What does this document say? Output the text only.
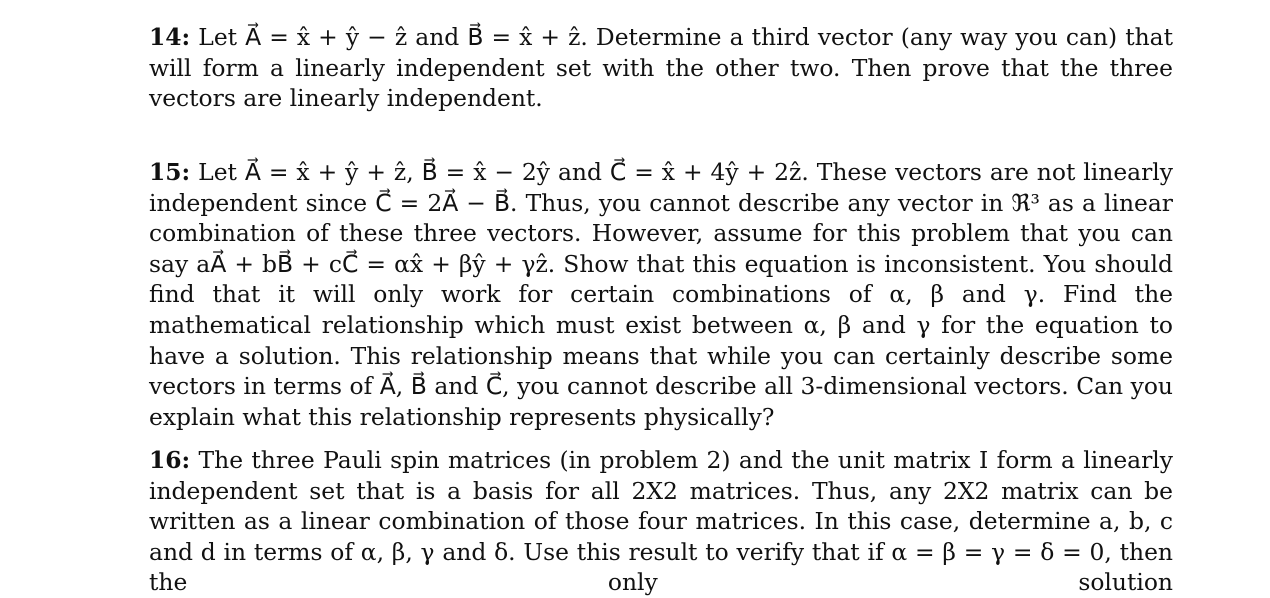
14: Let A⃗ = x̂ + ŷ − ẑ and B⃗ = x̂ + ẑ. Determine a third vector (any way you can) that will form a linearly independent set with the other two. Then prove that the three vectors are linearly independent.

15: Let A⃗ = x̂ + ŷ + ẑ, B⃗ = x̂ − 2ŷ and C⃗ = x̂ + 4ŷ + 2ẑ. These vectors are not linearly independent since C⃗ = 2A⃗ − B⃗. Thus, you cannot describe any vector in ℜ³ as a linear combination of these three vectors. However, assume for this problem that you can say aA⃗ + bB⃗ + cC⃗ = αx̂ + βŷ + γẑ. Show that this equation is inconsistent. You should find that it will only work for certain combinations of α, β and γ. Find the mathematical relationship which must exist between α, β and γ for the equation to have a solution. This relationship means that while you can certainly describe some vectors in terms of A⃗, B⃗ and C⃗, you cannot describe all 3-dimensional vectors. Can you explain what this relationship represents physically?

16: The three Pauli spin matrices (in problem 2) and the unit matrix I form a linearly independent set that is a basis for all 2X2 matrices. Thus, any 2X2 matrix can be written as a linear combination of those four matrices. In this case, determine a, b, c and d in terms of α, β, γ and δ. Use this result to verify that if α = β = γ = δ = 0, then the only solution
